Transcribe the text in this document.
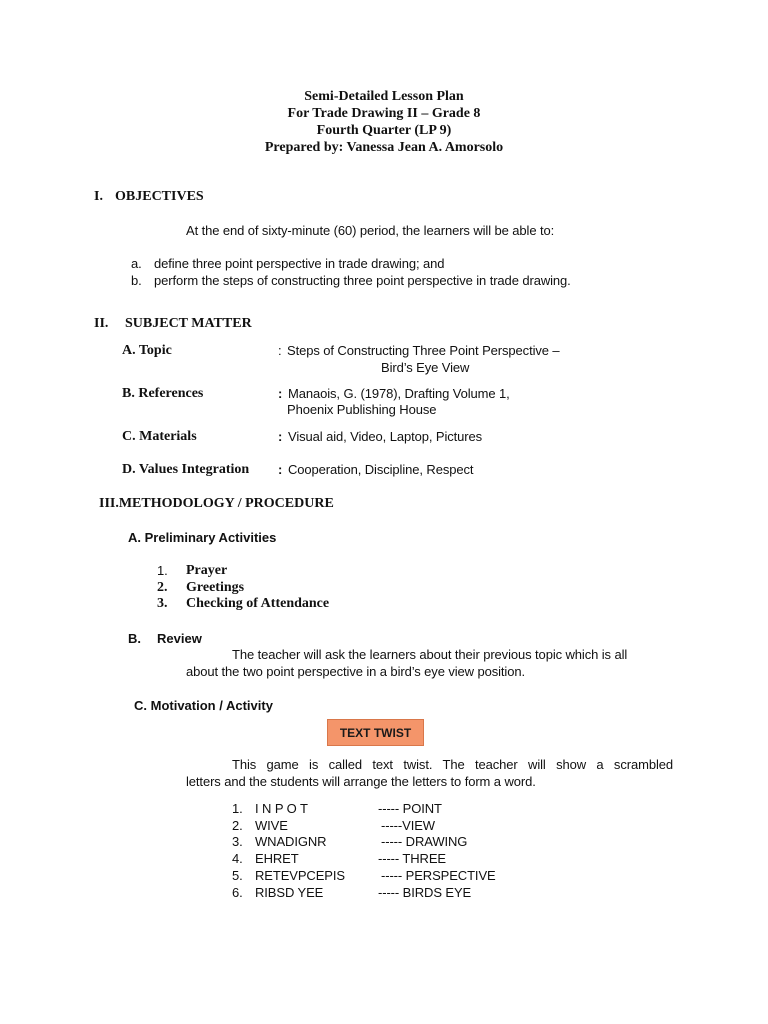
Semi-Detailed Lesson Plan
For Trade Drawing II – Grade 8
Fourth Quarter (LP 9)
Prepared by: Vanessa Jean A. Amorsolo
I. OBJECTIVES
At the end of sixty-minute (60) period, the learners will be able to:
a. define three point perspective in trade drawing; and
b. perform the steps of constructing three point perspective in trade drawing.
II. SUBJECT MATTER
A. Topic	: Steps of Constructing Three Point Perspective –
Bird’s Eye View
B. References	: Manaois, G. (1978), Drafting Volume 1,
Phoenix Publishing House
C. Materials	: Visual aid, Video, Laptop, Pictures
D. Values Integration : Cooperation, Discipline, Respect
III.METHODOLOGY / PROCEDURE
A. Preliminary Activities
1. Prayer
2. Greetings
3. Checking of Attendance
B. Review
The teacher will ask the learners about their previous topic which is all
about the two point perspective in a bird’s eye view position.
C. Motivation / Activity
TEXT TWIST
This game is called text twist. The teacher will show a scrambled
letters and the students will arrange the letters to form a word.
1. I N P O T	----- POINT
2. WIVE	-----VIEW
3. WNADIGNR	----- DRAWING
4. EHRET	----- THREE
5. RETEVPCEPIS	----- PERSPECTIVE
6. RIBSD YEE	----- BIRDS EYE
